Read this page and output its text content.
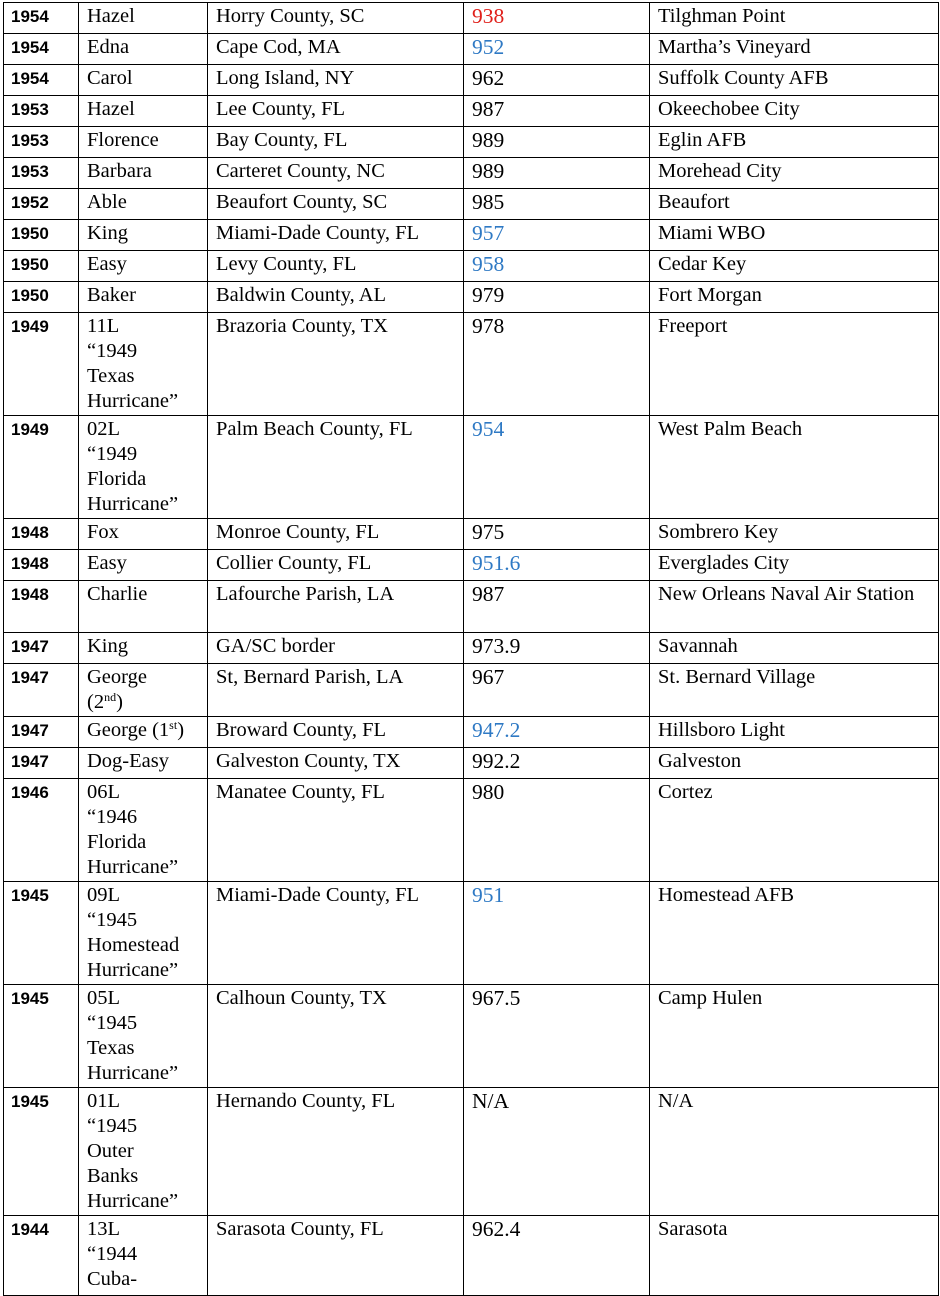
1954	Hazel	Horry County, SC	938	Tilghman Point
1954	Edna	Cape Cod, MA	952	Martha’s Vineyard
1954	Carol	Long Island, NY	962	Suffolk County AFB
1953	Hazel	Lee County, FL	987	Okeechobee City
1953	Florence	Bay County, FL	989	Eglin AFB
1953	Barbara	Carteret County, NC	989	Morehead City
1952	Able	Beaufort County, SC	985	Beaufort
1950	King	Miami-Dade County, FL	957	Miami WBO
1950	Easy	Levy County, FL	958	Cedar Key
1950	Baker	Baldwin County, AL	979	Fort Morgan
1949	11L
“1949
Texas
Hurricane”	Brazoria County, TX	978	Freeport
1949	02L
“1949
Florida
Hurricane”	Palm Beach County, FL	954	West Palm Beach
1948	Fox	Monroe County, FL	975	Sombrero Key
1948	Easy	Collier County, FL	951.6	Everglades City
1948	Charlie	Lafourche Parish, LA	987	New Orleans Naval Air Station
1947	King	GA/SC border	973.9	Savannah
1947	George
(2nd)	St, Bernard Parish, LA	967	St. Bernard Village
1947	George (1st)	Broward County, FL	947.2	Hillsboro Light
1947	Dog-Easy	Galveston County, TX	992.2	Galveston
1946	06L
“1946
Florida
Hurricane”	Manatee County, FL	980	Cortez
1945	09L
“1945
Homestead
Hurricane”	Miami-Dade County, FL	951	Homestead AFB
1945	05L
“1945
Texas
Hurricane”	Calhoun County, TX	967.5	Camp Hulen
1945	01L
“1945
Outer
Banks
Hurricane”	Hernando County, FL	N/A	N/A
1944	13L
“1944
Cuba-	Sarasota County, FL	962.4	Sarasota
